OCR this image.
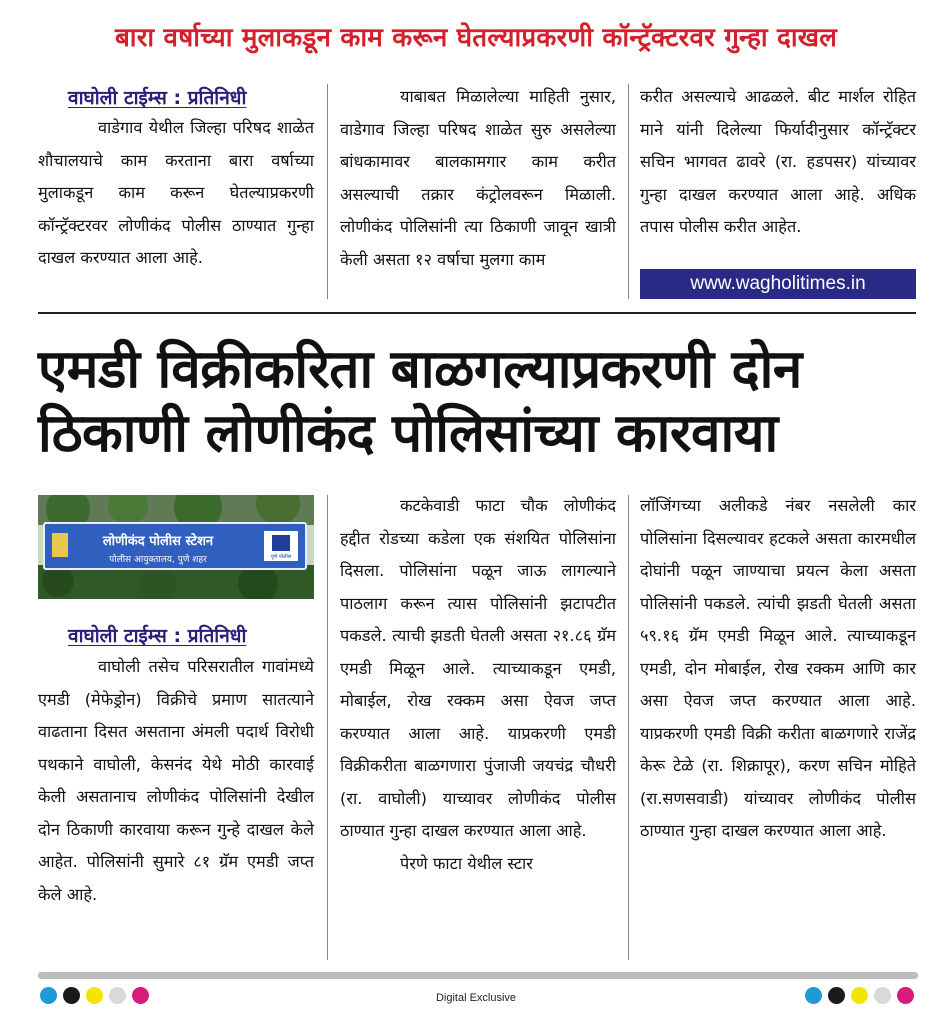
बारा वर्षाच्या मुलाकडून काम करून घेतल्याप्रकरणी कॉन्ट्रॅक्टरवर गुन्हा दाखल
वाघोली टाईम्स : प्रतिनिधी

वाडेगाव येथील जिल्हा परिषद शाळेत शौचालयाचे काम करताना बारा वर्षाच्या मुलाकडून काम करून घेतल्याप्रकरणी कॉन्ट्रॅक्टरवर लोणीकंद पोलीस ठाण्यात गुन्हा दाखल करण्यात आला आहे.

याबाबत मिळालेल्या माहिती नुसार, वाडेगाव जिल्हा परिषद शाळेत सुरु असलेल्या बांधकामावर बालकामगार काम करीत असल्याची तक्रार कंट्रोलवरून मिळाली. लोणीकंद पोलिसांनी त्या ठिकाणी जावून खात्री केली असता १२ वर्षाचा मुलगा काम

करीत असल्याचे आढळले. बीट मार्शल रोहित माने यांनी दिलेल्या फिर्यादीनुसार कॉन्ट्रॅक्टर सचिन भागवत ढावरे (रा. हडपसर) यांच्यावर गुन्हा दाखल करण्यात आला आहे. अधिक तपास पोलीस करीत आहेत.

www.wagholitimes.in
एमडी विक्रीकरिता बाळगल्याप्रकरणी दोन ठिकाणी लोणीकंद पोलिसांच्या कारवाया
लोणीकंद पोलीस स्टेशन
पोलीस आयुक्तालय, पुणे शहर	पुणे पोलीस
वाघोली टाईम्स : प्रतिनिधी

वाघोली तसेच परिसरातील गावांमध्ये एमडी (मेफेड्रोन) विक्रीचे प्रमाण सातत्याने वाढताना दिसत असताना अंमली पदार्थ विरोधी पथकाने वाघोली, केसनंद येथे मोठी कारवाई केली असतानाच लोणीकंद पोलिसांनी देखील दोन ठिकाणी कारवाया करून गुन्हे दाखल केले आहेत. पोलिसांनी सुमारे ८१ ग्रॅम एमडी जप्त केले आहे.

कटकेवाडी फाटा चौक लोणीकंद हद्दीत रोडच्या कडेला एक संशयित पोलिसांना दिसला. पोलिसांना पळून जाऊ लागल्याने पाठलाग करून त्यास पोलिसांनी झटापटीत पकडले. त्याची झडती घेतली असता २१.८६ ग्रॅम एमडी मिळून आले. त्याच्याकडून एमडी, मोबाईल, रोख रक्कम असा ऐवज जप्त करण्यात आला आहे. याप्रकरणी एमडी विक्रीकरीता बाळगणारा पुंजाजी जयचंद्र चौधरी (रा. वाघोली) याच्यावर लोणीकंद पोलीस ठाण्यात गुन्हा दाखल करण्यात आला आहे.

पेरणे फाटा येथील स्टार

लॉजिंगच्या अलीकडे नंबर नसलेली कार पोलिसांना दिसल्यावर हटकले असता कारमधील दोघांनी पळून जाण्याचा प्रयत्न केला असता पोलिसांनी पकडले. त्यांची झडती घेतली असता ५९.१६ ग्रॅम एमडी मिळून आले. त्याच्याकडून एमडी, दोन मोबाईल, रोख रक्कम आणि कार असा ऐवज जप्त करण्यात आला आहे. याप्रकरणी एमडी विक्री करीता बाळगणारे राजेंद्र केरू टेळे (रा. शिक्रापूर), करण सचिन मोहिते (रा.सणसवाडी) यांच्यावर लोणीकंद पोलीस ठाण्यात गुन्हा दाखल करण्यात आला आहे.

Digital Exclusive
